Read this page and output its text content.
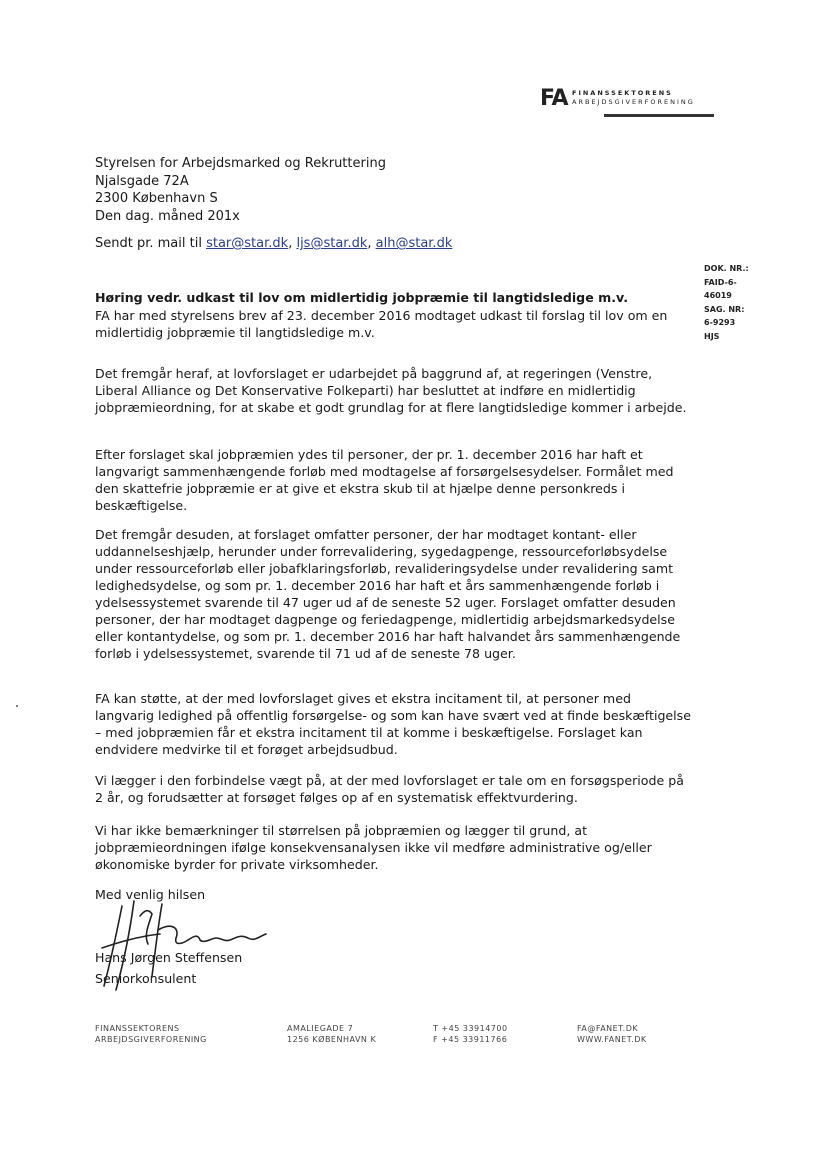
FA FINANSSEKTORENS
ARBEJDSGIVERFORENING
Styrelsen for Arbejdsmarked og Rekruttering
Njalsgade 72A
2300 København S
Den dag. måned 201x
Sendt pr. mail til star@star.dk, ljs@star.dk, alh@star.dk
DOK. NR.:
FAID-6-
46019
SAG. NR:
6-9293
HJS
Høring vedr. udkast til lov om midlertidig jobpræmie til langtidsledige m.v.
FA har med styrelsens brev af 23. december 2016 modtaget udkast til forslag til lov om en midlertidig jobpræmie til langtidsledige m.v.
Det fremgår heraf, at lovforslaget er udarbejdet på baggrund af, at regeringen (Venstre, Liberal Alliance og Det Konservative Folkeparti) har besluttet at indføre en midlertidig jobpræmieordning, for at skabe et godt grundlag for at flere langtidsledige kommer i arbejde.
Efter forslaget skal jobpræmien ydes til personer, der pr. 1. december 2016 har haft et langvarigt sammenhængende forløb med modtagelse af forsørgelsesydelser. Formålet med den skattefrie jobpræmie er at give et ekstra skub til at hjælpe denne personkreds i beskæftigelse.
Det fremgår desuden, at forslaget omfatter personer, der har modtaget kontant- eller uddannelseshjælp, herunder under forrevalidering, sygedagpenge, ressourceforløbsydelse under ressourceforløb eller jobafklaringsforløb, revalideringsydelse under revalidering samt ledighedsydelse, og som pr. 1. december 2016 har haft et års sammenhængende forløb i ydelsessystemet svarende til 47 uger ud af de seneste 52 uger. Forslaget omfatter desuden personer, der har modtaget dagpenge og feriedagpenge, midlertidig arbejdsmarkedsydelse eller kontantydelse, og som pr. 1. december 2016 har haft halvandet års sammenhængende forløb i ydelsessystemet, svarende til 71 ud af de seneste 78 uger.
FA kan støtte, at der med lovforslaget gives et ekstra incitament til, at personer med langvarig ledighed på offentlig forsørgelse- og som kan have svært ved at finde beskæftigelse – med jobpræmien får et ekstra incitament til at komme i beskæftigelse. Forslaget kan endvidere medvirke til et forøget arbejdsudbud.
Vi lægger i den forbindelse vægt på, at der med lovforslaget er tale om en forsøgsperiode på 2 år, og forudsætter at forsøget følges op af en systematisk effektvurdering.
Vi har ikke bemærkninger til størrelsen på jobpræmien og lægger til grund, at jobpræmieordningen ifølge konsekvensanalysen ikke vil medføre administrative og/eller økonomiske byrder for private virksomheder.
Med venlig hilsen
Hans Jørgen Steffensen
Seniorkonsulent
FINANSSEKTORENS
ARBEJDSGIVERFORENING
AMALIEGADE 7
1256 KØBENHAVN K
T +45 33914700
F +45 33911766
FA@FANET.DK
WWW.FANET.DK
